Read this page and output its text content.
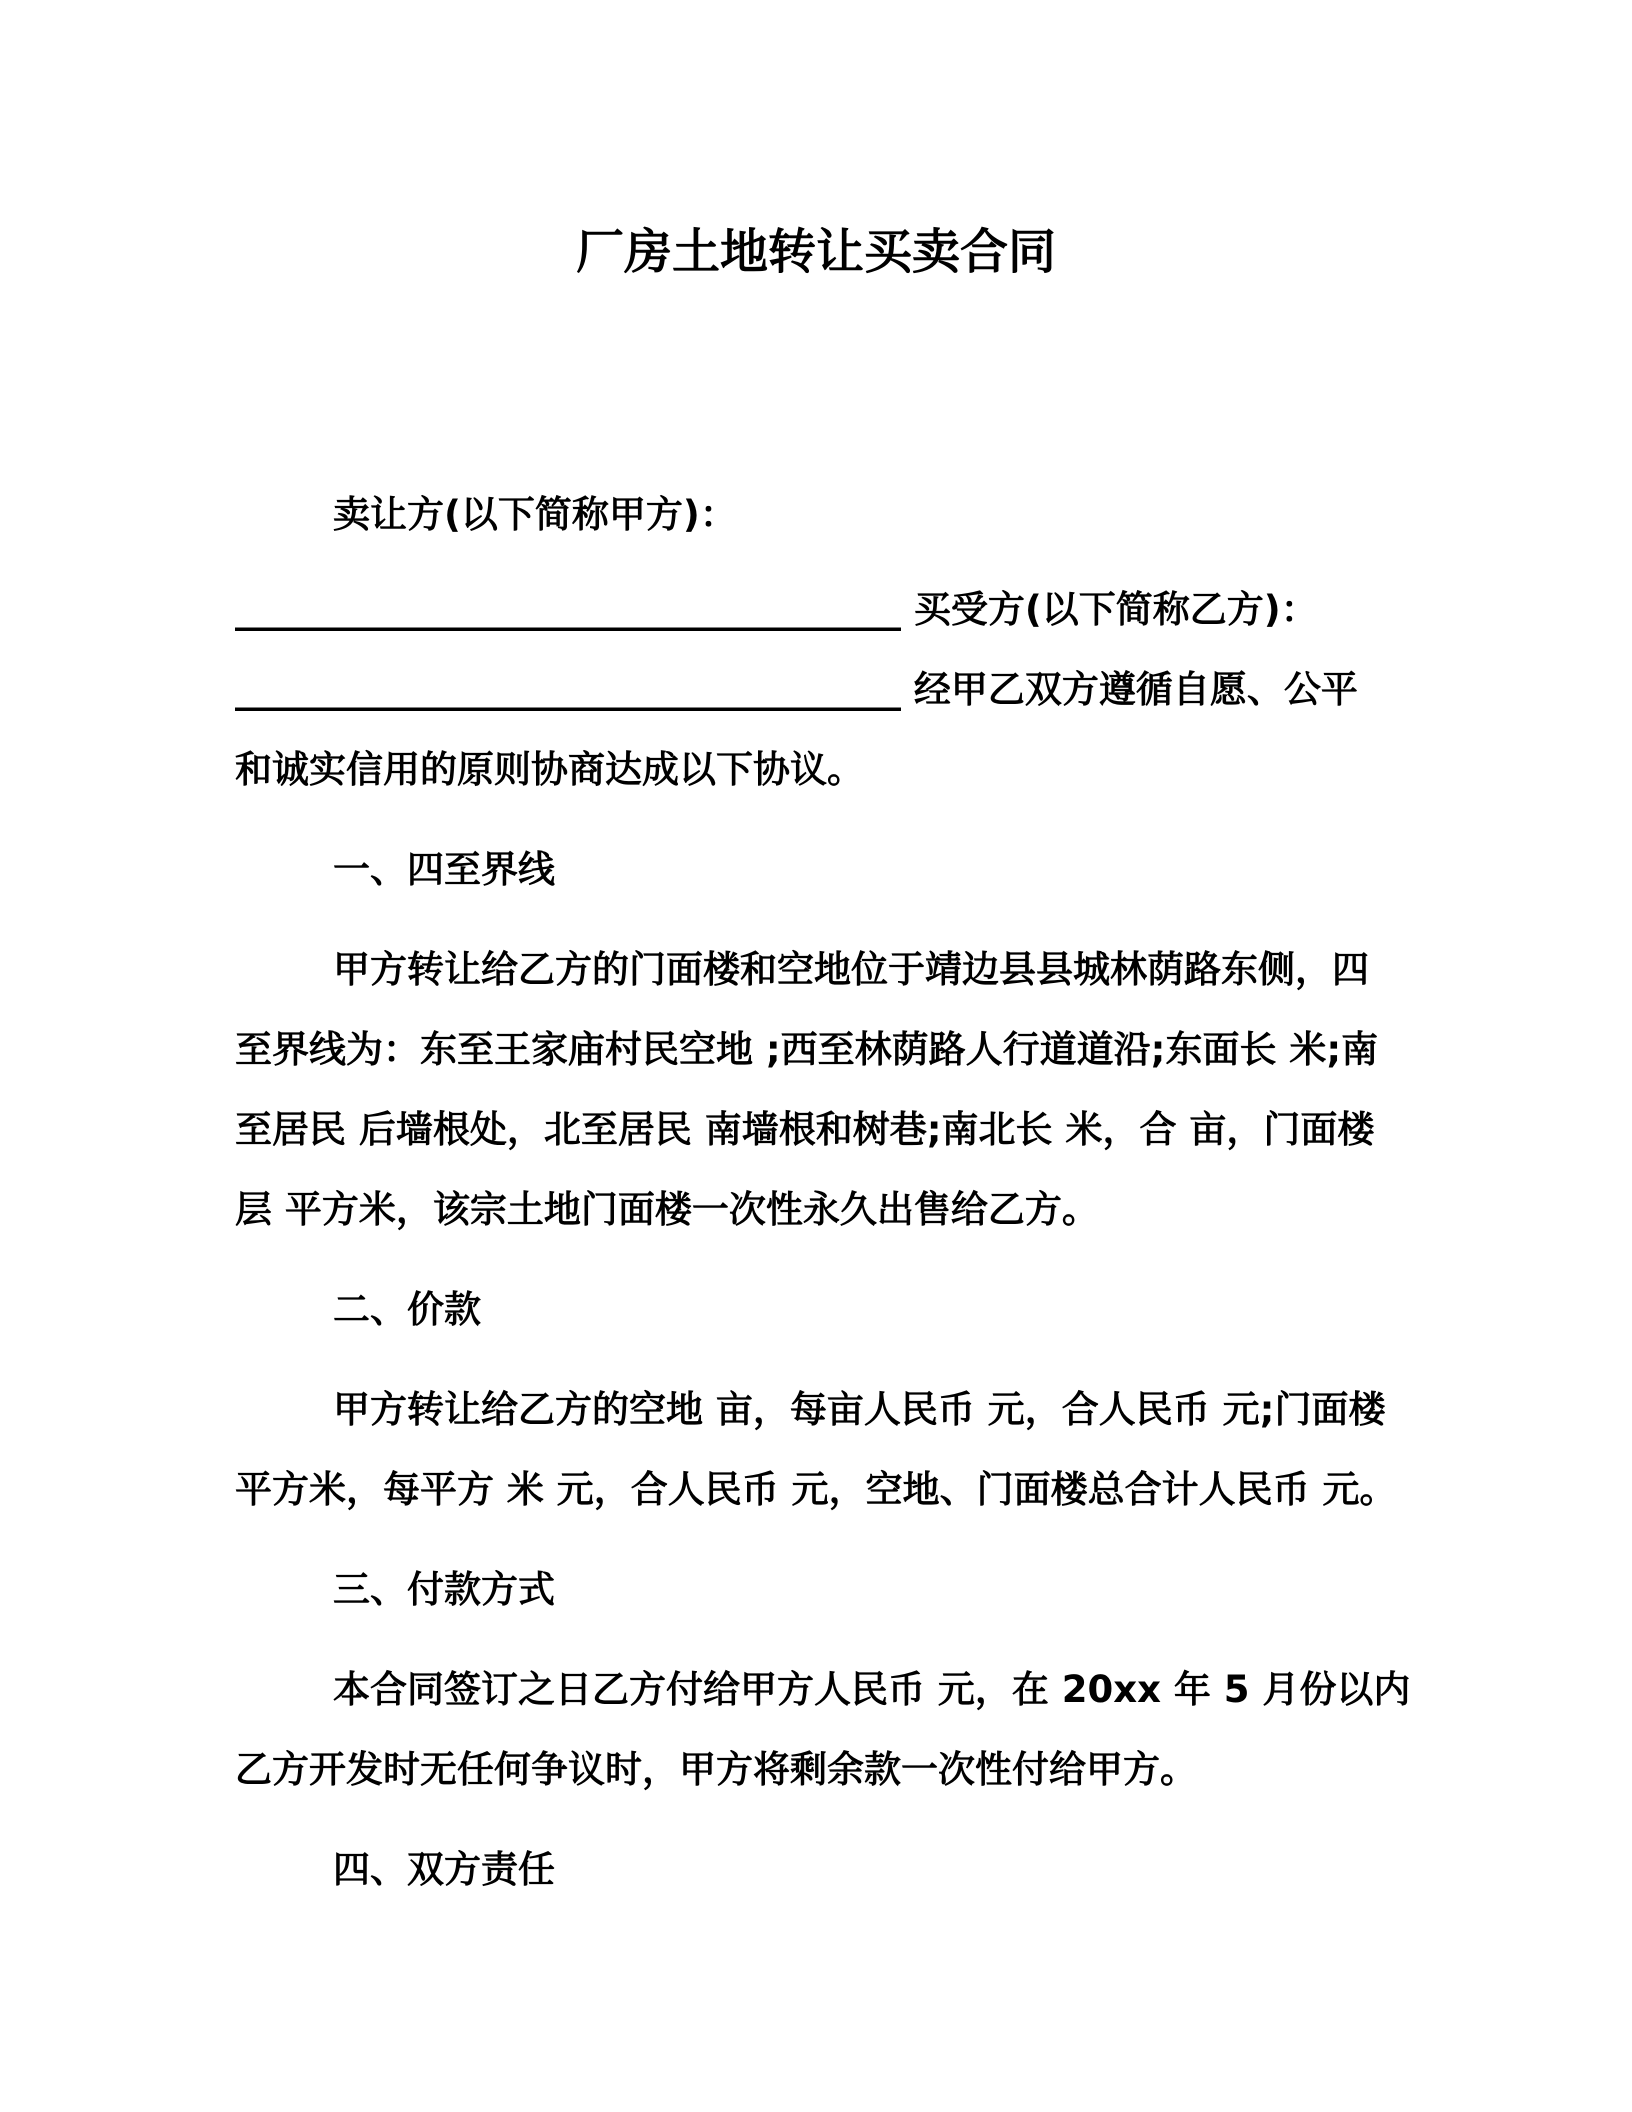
厂房土地转让买卖合同
卖让方(以下简称甲方)：
____________________________________ 买受方(以下简称乙方)：
____________________________________ 经甲乙双方遵循自愿、公平
和诚实信用的原则协商达成以下协议。
一、四至界线
甲方转让给乙方的门面楼和空地位于靖边县县城林荫路东侧，四
至界线为：东至王家庙村民空地 ;西至林荫路人行道道沿;东面长 米;南
至居民 后墙根处，北至居民 南墙根和树巷;南北长 米，合 亩，门面楼
层 平方米，该宗土地门面楼一次性永久出售给乙方。
二、价款
甲方转让给乙方的空地 亩，每亩人民币 元，合人民币 元;门面楼
平方米，每平方 米 元，合人民币 元，空地、门面楼总合计人民币 元。
三、付款方式
本合同签订之日乙方付给甲方人民币 元，在 20xx 年 5 月份以内
乙方开发时无任何争议时，甲方将剩余款一次性付给甲方。
四、双方责任
